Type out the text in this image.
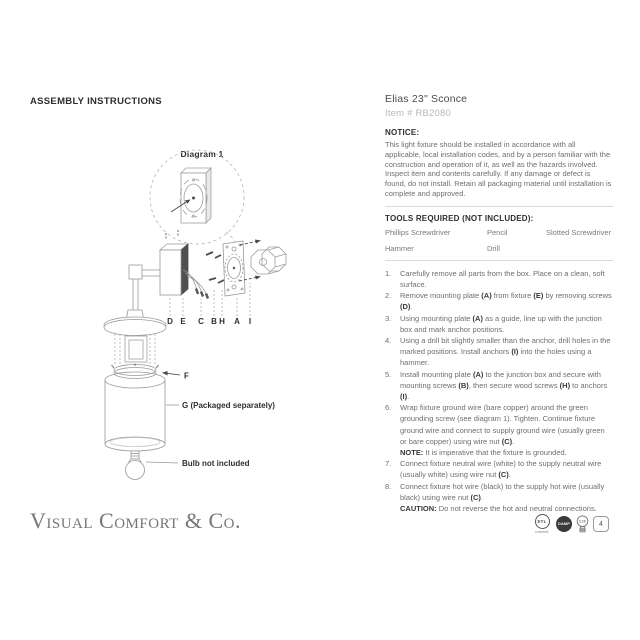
ASSEMBLY INSTRUCTIONS
Diagram 1
D E C B H A I
F
G (Packaged separately)
Bulb not included
Elias 23" Sconce
Item # RB2080
NOTICE:
This light fixture should be installed in accordance with all applicable, local installation codes, and by a person familiar with the construction and operation of it, as well as the hazards involved. Inspect item and contents carefully. If any damage or defect is found, do not install. Retain all packaging material until installation is complete and approved.
TOOLS REQUIRED (NOT INCLUDED):
Phillips Screwdriver	Pencil	Slotted Screwdriver
Hammer	Drill
1.	Carefully remove all parts from the box. Place on a clean, soft surface.
2.	Remove mounting plate (A) from fixture (E) by removing screws (D).
3.	Using mounting plate (A) as a guide, line up with the junction box and mark anchor positions.
4.	Using a drill bit slightly smaller than the anchor, drill holes in the marked positions. Install anchors (I) into the holes using a hammer.
5.	Install mounting plate (A) to the junction box and secure with mounting screws (B), then secure wood screws (H) to anchors (I).
6.	Wrap fixture ground wire (bare copper) around the green grounding screw (see diagram 1). Tighten. Continue fixture ground wire and connect to supply ground wire (usually green or bare copper) using wire nut (C).
NOTE: It is imperative that the fixture is grounded.
7.	Connect fixture neutral wire (white) to the supply neutral wire (usually white) using wire nut (C).
8.	Connect fixture hot wire (black) to the supply hot wire (usually black) using wire nut (C).
CAUTION: Do not reverse the hot and neutral connections.
Visual Comfort & Co.	ETL
Intertek
DAMP
E26	4
